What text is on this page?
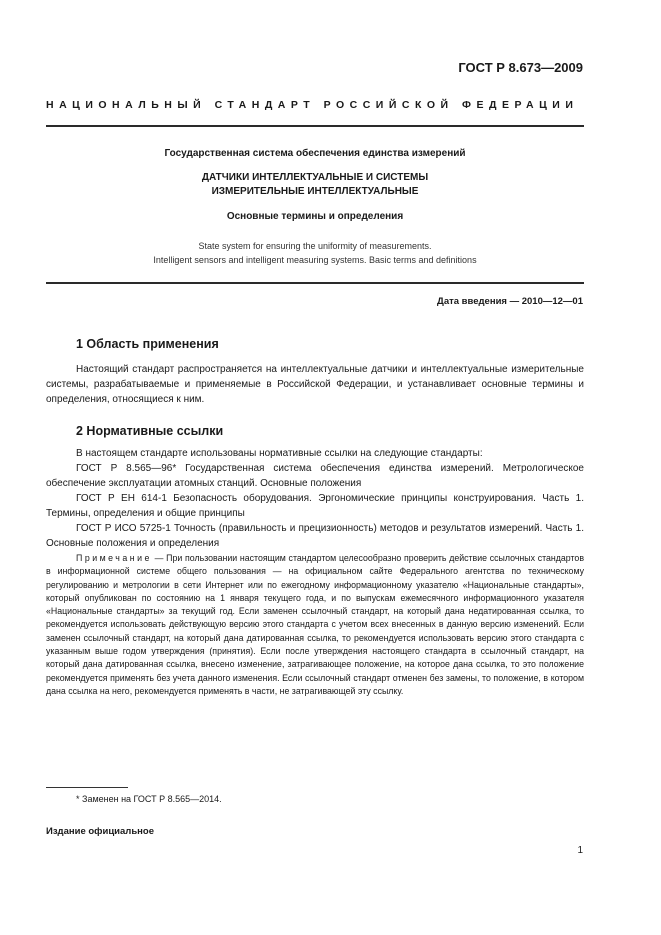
ГОСТ Р 8.673—2009
НАЦИОНАЛЬНЫЙ СТАНДАРТ РОССИЙСКОЙ ФЕДЕРАЦИИ
Государственная система обеспечения единства измерений
ДАТЧИКИ ИНТЕЛЛЕКТУАЛЬНЫЕ И СИСТЕМЫ
ИЗМЕРИТЕЛЬНЫЕ ИНТЕЛЛЕКТУАЛЬНЫЕ
Основные термины и определения
State system for ensuring the uniformity of measurements.
Intelligent sensors and intelligent measuring systems. Basic terms and definitions
Дата введения — 2010—12—01
1 Область применения

Настоящий стандарт распространяется на интеллектуальные датчики и интеллектуальные измерительные системы, разрабатываемые и применяемые в Российской Федерации, и устанавливает основные термины и определения, относящиеся к ним.

2 Нормативные ссылки

В настоящем стандарте использованы нормативные ссылки на следующие стандарты:

ГОСТ Р 8.565—96* Государственная система обеспечения единства измерений. Метрологическое обеспечение эксплуатации атомных станций. Основные положения

ГОСТ Р ЕН 614-1 Безопасность оборудования. Эргономические принципы конструирования. Часть 1. Термины, определения и общие принципы

ГОСТ Р ИСО 5725-1 Точность (правильность и прецизионность) методов и результатов измерений. Часть 1. Основные положения и определения

Примечание — При пользовании настоящим стандартом целесообразно проверить действие ссылочных стандартов в информационной системе общего пользования — на официальном сайте Федерального агентства по техническому регулированию и метрологии в сети Интернет или по ежегодному информационному указателю «Национальные стандарты», который опубликован по состоянию на 1 января текущего года, и по выпускам ежемесячного информационного указателя «Национальные стандарты» за текущий год. Если заменен ссылочный стандарт, на который дана недатированная ссылка, то рекомендуется использовать действующую версию этого стандарта с учетом всех внесенных в данную версию изменений. Если заменен ссылочный стандарт, на который дана датированная ссылка, то рекомендуется использовать версию этого стандарта с указанным выше годом утверждения (принятия). Если после утверждения настоящего стандарта в ссылочный стандарт, на который дана датированная ссылка, внесено изменение, затрагивающее положение, на которое дана ссылка, то это положение рекомендуется применять без учета данного изменения. Если ссылочный стандарт отменен без замены, то положение, в котором дана ссылка на него, рекомендуется применять в части, не затрагивающей эту ссылку.

* Заменен на ГОСТ Р 8.565—2014.
Издание официальное
1
